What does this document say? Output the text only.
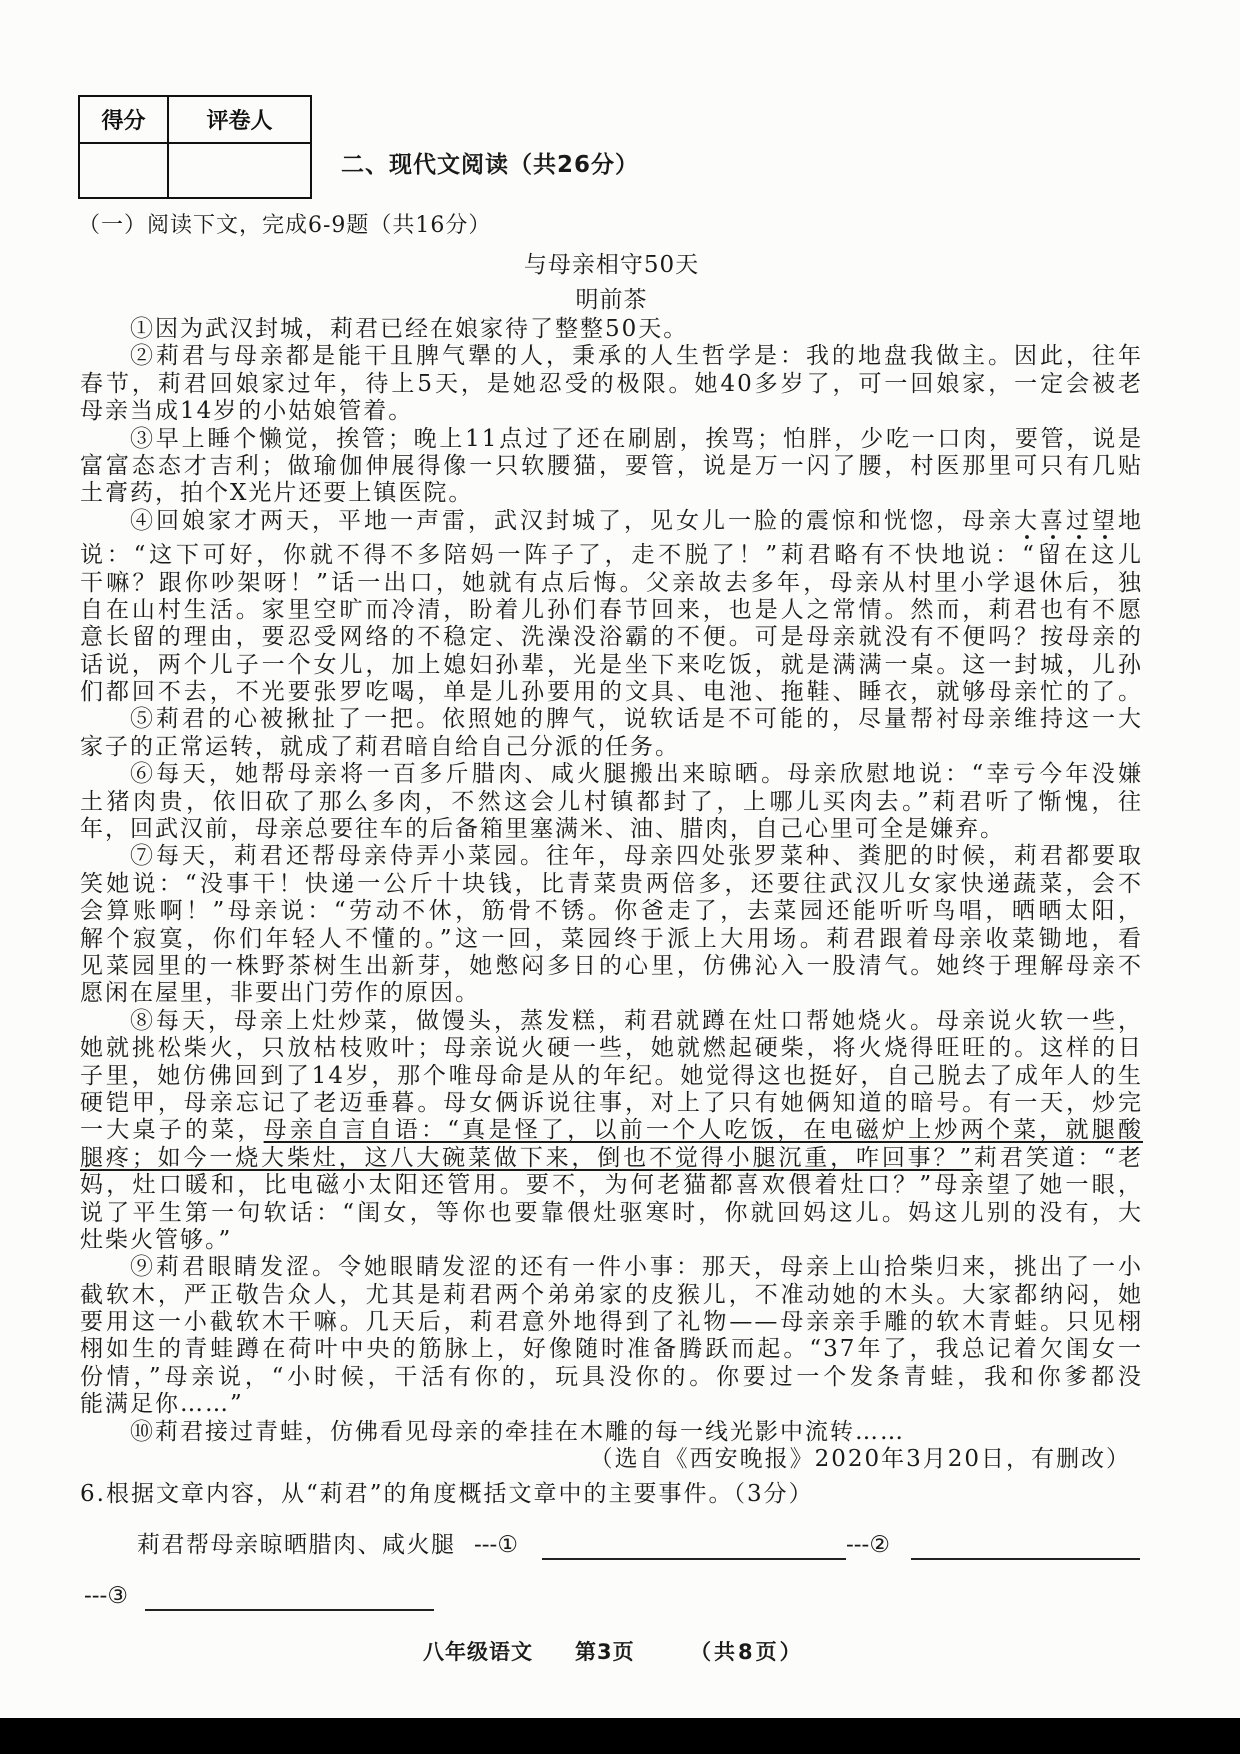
得分	评卷人
二、现代文阅读（共26分）
（一）阅读下文，完成6-9题（共16分）
与母亲相守50天
明前茶
①因为武汉封城，莉君已经在娘家待了整整50天。
②莉君与母亲都是能干且脾气犟的人，秉承的人生哲学是：我的地盘我做主。因此，往年
春节，莉君回娘家过年，待上5天，是她忍受的极限。她40多岁了，可一回娘家，一定会被老
母亲当成14岁的小姑娘管着。
③早上睡个懒觉，挨管；晚上11点过了还在刷剧，挨骂；怕胖，少吃一口肉，要管，说是
富富态态才吉利；做瑜伽伸展得像一只软腰猫，要管，说是万一闪了腰，村医那里可只有几贴
土膏药，拍个X光片还要上镇医院。
④回娘家才两天，平地一声雷，武汉封城了，见女儿一脸的震惊和恍惚，母亲大喜过望地
说：“这下可好，你就不得不多陪妈一阵子了，走不脱了！”莉君略有不快地说：“留在这儿
干嘛？跟你吵架呀！”话一出口，她就有点后悔。父亲故去多年，母亲从村里小学退休后，独
自在山村生活。家里空旷而冷清，盼着儿孙们春节回来，也是人之常情。然而，莉君也有不愿
意长留的理由，要忍受网络的不稳定、洗澡没浴霸的不便。可是母亲就没有不便吗？按母亲的
话说，两个儿子一个女儿，加上媳妇孙辈，光是坐下来吃饭，就是满满一桌。这一封城，儿孙
们都回不去，不光要张罗吃喝，单是儿孙要用的文具、电池、拖鞋、睡衣，就够母亲忙的了。
⑤莉君的心被揪扯了一把。依照她的脾气，说软话是不可能的，尽量帮衬母亲维持这一大
家子的正常运转，就成了莉君暗自给自己分派的任务。
⑥每天，她帮母亲将一百多斤腊肉、咸火腿搬出来晾晒。母亲欣慰地说：“幸亏今年没嫌
土猪肉贵，依旧砍了那么多肉，不然这会儿村镇都封了，上哪儿买肉去。”莉君听了惭愧，往
年，回武汉前，母亲总要往车的后备箱里塞满米、油、腊肉，自己心里可全是嫌弃。
⑦每天，莉君还帮母亲侍弄小菜园。往年，母亲四处张罗菜种、粪肥的时候，莉君都要取
笑她说：“没事干！快递一公斤十块钱，比青菜贵两倍多，还要往武汉儿女家快递蔬菜，会不
会算账啊！”母亲说：“劳动不休，筋骨不锈。你爸走了，去菜园还能听听鸟唱，晒晒太阳，
解个寂寞，你们年轻人不懂的。”这一回，菜园终于派上大用场。莉君跟着母亲收菜锄地，看
见菜园里的一株野茶树生出新芽，她憋闷多日的心里，仿佛沁入一股清气。她终于理解母亲不
愿闲在屋里，非要出门劳作的原因。
⑧每天，母亲上灶炒菜，做馒头，蒸发糕，莉君就蹲在灶口帮她烧火。母亲说火软一些，
她就挑松柴火，只放枯枝败叶；母亲说火硬一些，她就燃起硬柴，将火烧得旺旺的。这样的日
子里，她仿佛回到了14岁，那个唯母命是从的年纪。她觉得这也挺好，自己脱去了成年人的生
硬铠甲，母亲忘记了老迈垂暮。母女俩诉说往事，对上了只有她俩知道的暗号。有一天，炒完
一大桌子的菜，母亲自言自语：“真是怪了，以前一个人吃饭，在电磁炉上炒两个菜，就腿酸
腿疼；如今一烧大柴灶，这八大碗菜做下来，倒也不觉得小腿沉重，咋回事？”莉君笑道：“老
妈，灶口暖和，比电磁小太阳还管用。要不，为何老猫都喜欢偎着灶口？”母亲望了她一眼，
说了平生第一句软话：“闺女，等你也要靠偎灶驱寒时，你就回妈这儿。妈这儿别的没有，大
灶柴火管够。”
⑨莉君眼睛发涩。令她眼睛发涩的还有一件小事：那天，母亲上山拾柴归来，挑出了一小
截软木，严正敬告众人，尤其是莉君两个弟弟家的皮猴儿，不准动她的木头。大家都纳闷，她
要用这一小截软木干嘛。几天后，莉君意外地得到了礼物——母亲亲手雕的软木青蛙。只见栩
栩如生的青蛙蹲在荷叶中央的筋脉上，好像随时准备腾跃而起。“37年了，我总记着欠闺女一
份情，”母亲说，“小时候，干活有你的，玩具没你的。你要过一个发条青蛙，我和你爹都没
能满足你……”
⑩莉君接过青蛙，仿佛看见母亲的牵挂在木雕的每一线光影中流转……
（选自《西安晚报》2020年3月20日，有删改）
6.根据文章内容，从“莉君”的角度概括文章中的主要事件。（3分）
莉君帮母亲晾晒腊肉、咸火腿 ---①	---②
---③
八年级语文	第3页	（共8页）
